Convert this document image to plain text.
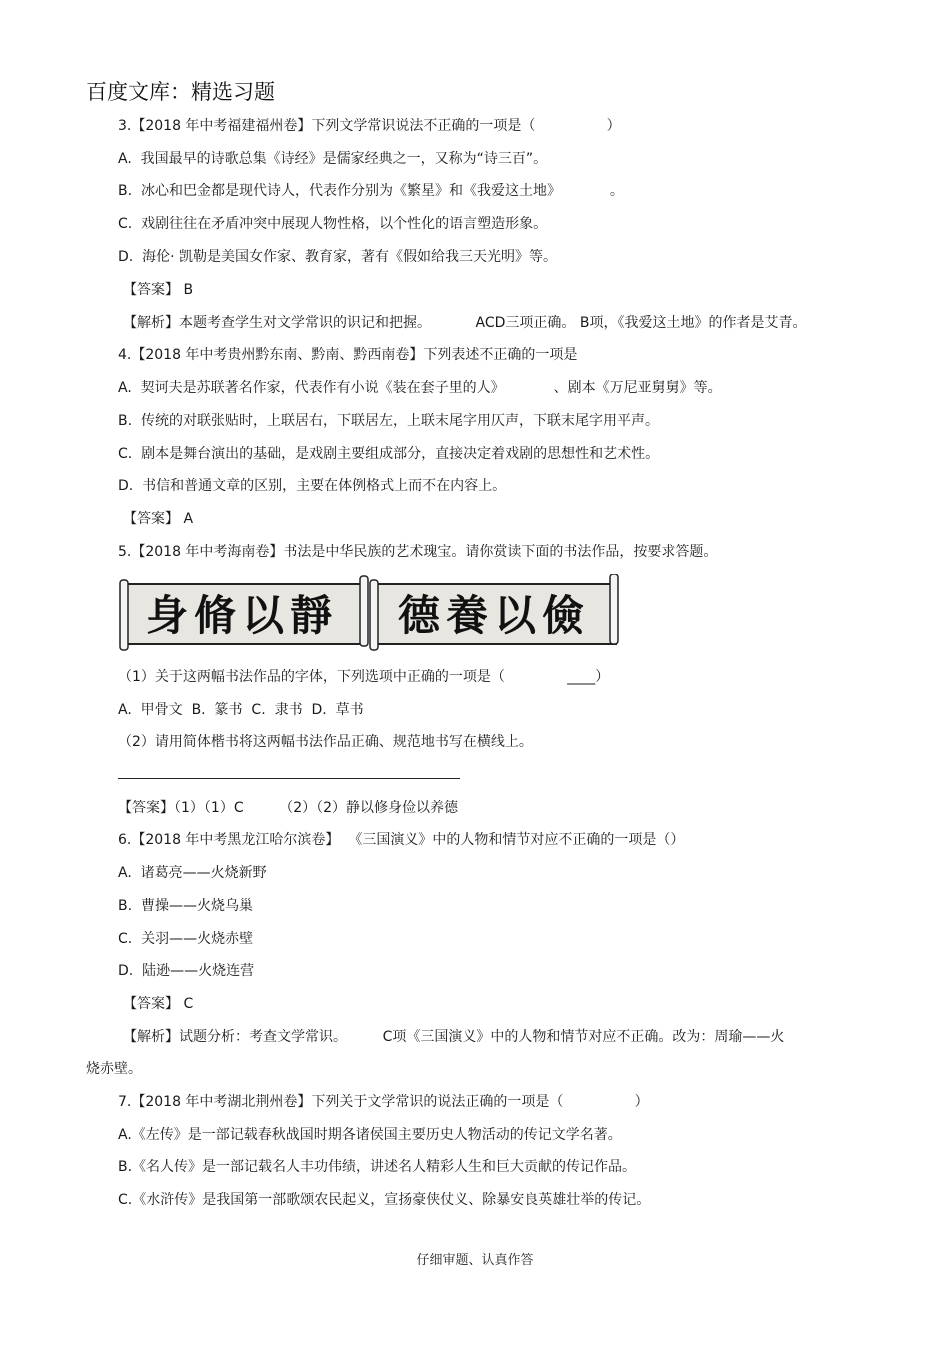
百度文库：精选习题
3.【2018 年中考福建福州卷】下列文学常识说法不正确的一项是（                ）
A.  我国最早的诗歌总集《诗经》是儒家经典之一，又称为“诗三百”。
B.  冰心和巴金都是现代诗人，代表作分别为《繁星》和《我爱这土地》           。
C.  戏剧往往在矛盾冲突中展现人物性格，以个性化的语言塑造形象。
D.  海伦· 凯勒是美国女作家、教育家，著有《假如给我三天光明》等。
【答案】 B
【解析】本题考查学生对文学常识的识记和把握。          ACD三项正确。 B项，《我爱这土地》的作者是艾青。
4.【2018 年中考贵州黔东南、黔南、黔西南卷】下列表述不正确的一项是
A.  契诃夫是苏联著名作家，代表作有小说《装在套子里的人》           、剧本《万尼亚舅舅》等。
B.  传统的对联张贴时，上联居右，下联居左，上联末尾字用仄声，下联末尾字用平声。
C.  剧本是舞台演出的基础，是戏剧主要组成部分，直接决定着戏剧的思想性和艺术性。
D.  书信和普通文章的区别，主要在体例格式上而不在内容上。
【答案】 A
5.【2018 年中考海南卷】书法是中华民族的艺术瑰宝。请你赏读下面的书法作品，按要求答题。
身脩以靜 德養以儉
（1）关于这两幅书法作品的字体，下列选项中正确的一项是（              ____）
A.  甲骨文  B.  篆书  C.  隶书  D.  草书
（2）请用简体楷书将这两幅书法作品正确、规范地书写在横线上。
【答案】（1）（1）C        （2）（2）静以修身俭以养德
6.【2018 年中考黑龙江哈尔滨卷】  《三国演义》中的人物和情节对应不正确的一项是（）
A.  诸葛亮——火烧新野
B.  曹操——火烧乌巢
C.  关羽——火烧赤壁
D.  陆逊——火烧连营
【答案】 C
【解析】试题分析：考查文学常识。        C项《三国演义》中的人物和情节对应不正确。改为：周瑜——火
烧赤壁。
7.【2018 年中考湖北荆州卷】下列关于文学常识的说法正确的一项是（                ）
A.《左传》是一部记载春秋战国时期各诸侯国主要历史人物活动的传记文学名著。
B.《名人传》是一部记载名人丰功伟绩，讲述名人精彩人生和巨大贡献的传记作品。
C.《水浒传》是我国第一部歌颂农民起义，宣扬豪侠仗义、除暴安良英雄壮举的传记。
仔细审题、认真作答
